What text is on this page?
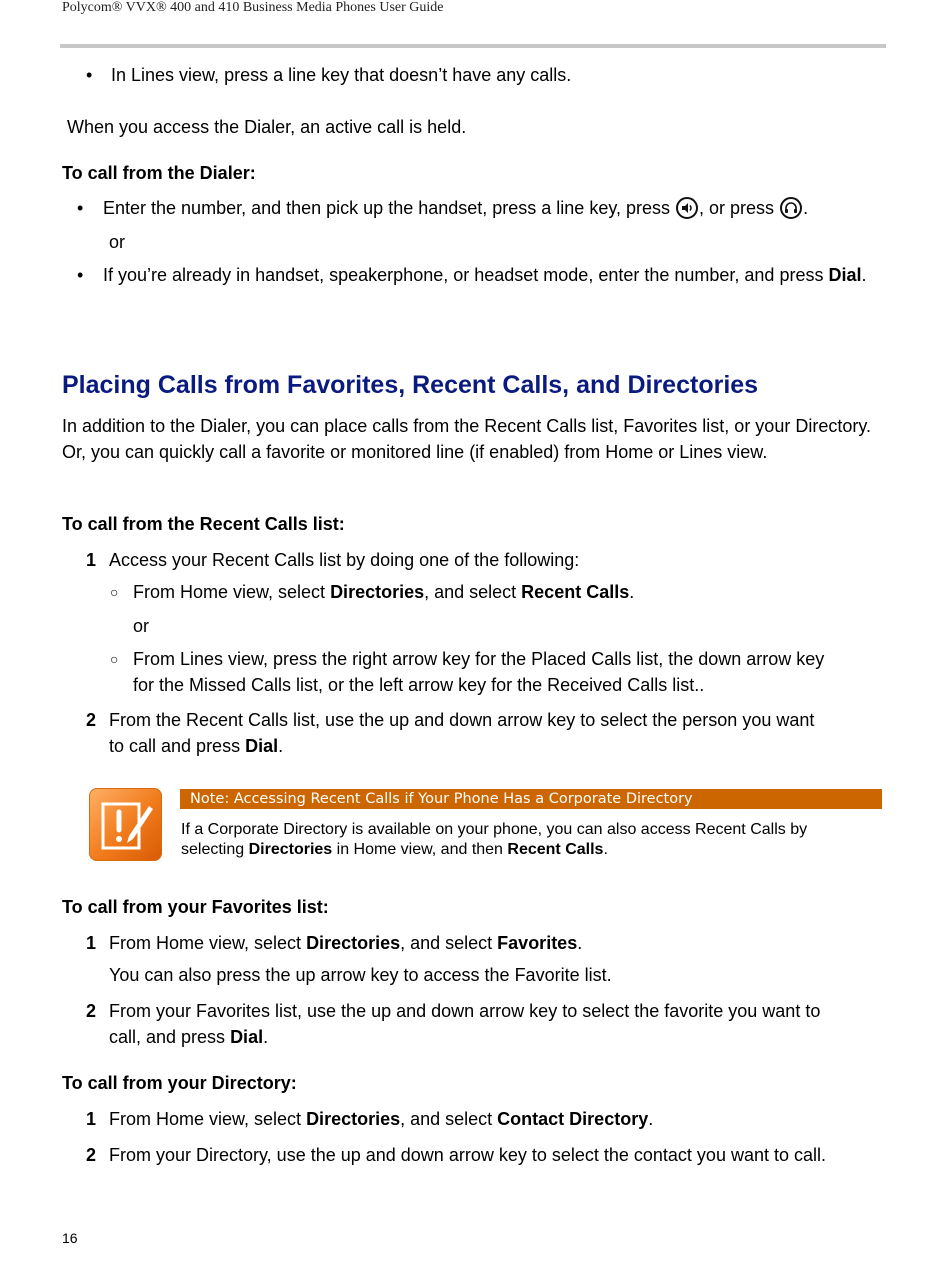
Polycom® VVX® 400 and 410 Business Media Phones User Guide
• In Lines view, press a line key that doesn’t have any calls.
When you access the Dialer, an active call is held.
To call from the Dialer:
• Enter the number, and then pick up the handset, press a line key, press , or press .
or
• If you’re already in handset, speakerphone, or headset mode, enter the number, and press Dial.
Placing Calls from Favorites, Recent Calls, and Directories
In addition to the Dialer, you can place calls from the Recent Calls list, Favorites list, or your Directory. Or, you can quickly call a favorite or monitored line (if enabled) from Home or Lines view.
To call from the Recent Calls list:
1 Access your Recent Calls list by doing one of the following:
○ From Home view, select Directories, and select Recent Calls.
or
○ From Lines view, press the right arrow key for the Placed Calls list, the down arrow key
for the Missed Calls list, or the left arrow key for the Received Calls list..
2 From the Recent Calls list, use the up and down arrow key to select the person you want
to call and press Dial.
Note: Accessing Recent Calls if Your Phone Has a Corporate Directory
If a Corporate Directory is available on your phone, you can also access Recent Calls by
selecting Directories in Home view, and then Recent Calls.
To call from your Favorites list:
1 From Home view, select Directories, and select Favorites.
You can also press the up arrow key to access the Favorite list.
2 From your Favorites list, use the up and down arrow key to select the favorite you want to
call, and press Dial.
To call from your Directory:
1 From Home view, select Directories, and select Contact Directory.
2 From your Directory, use the up and down arrow key to select the contact you want to call.
16
